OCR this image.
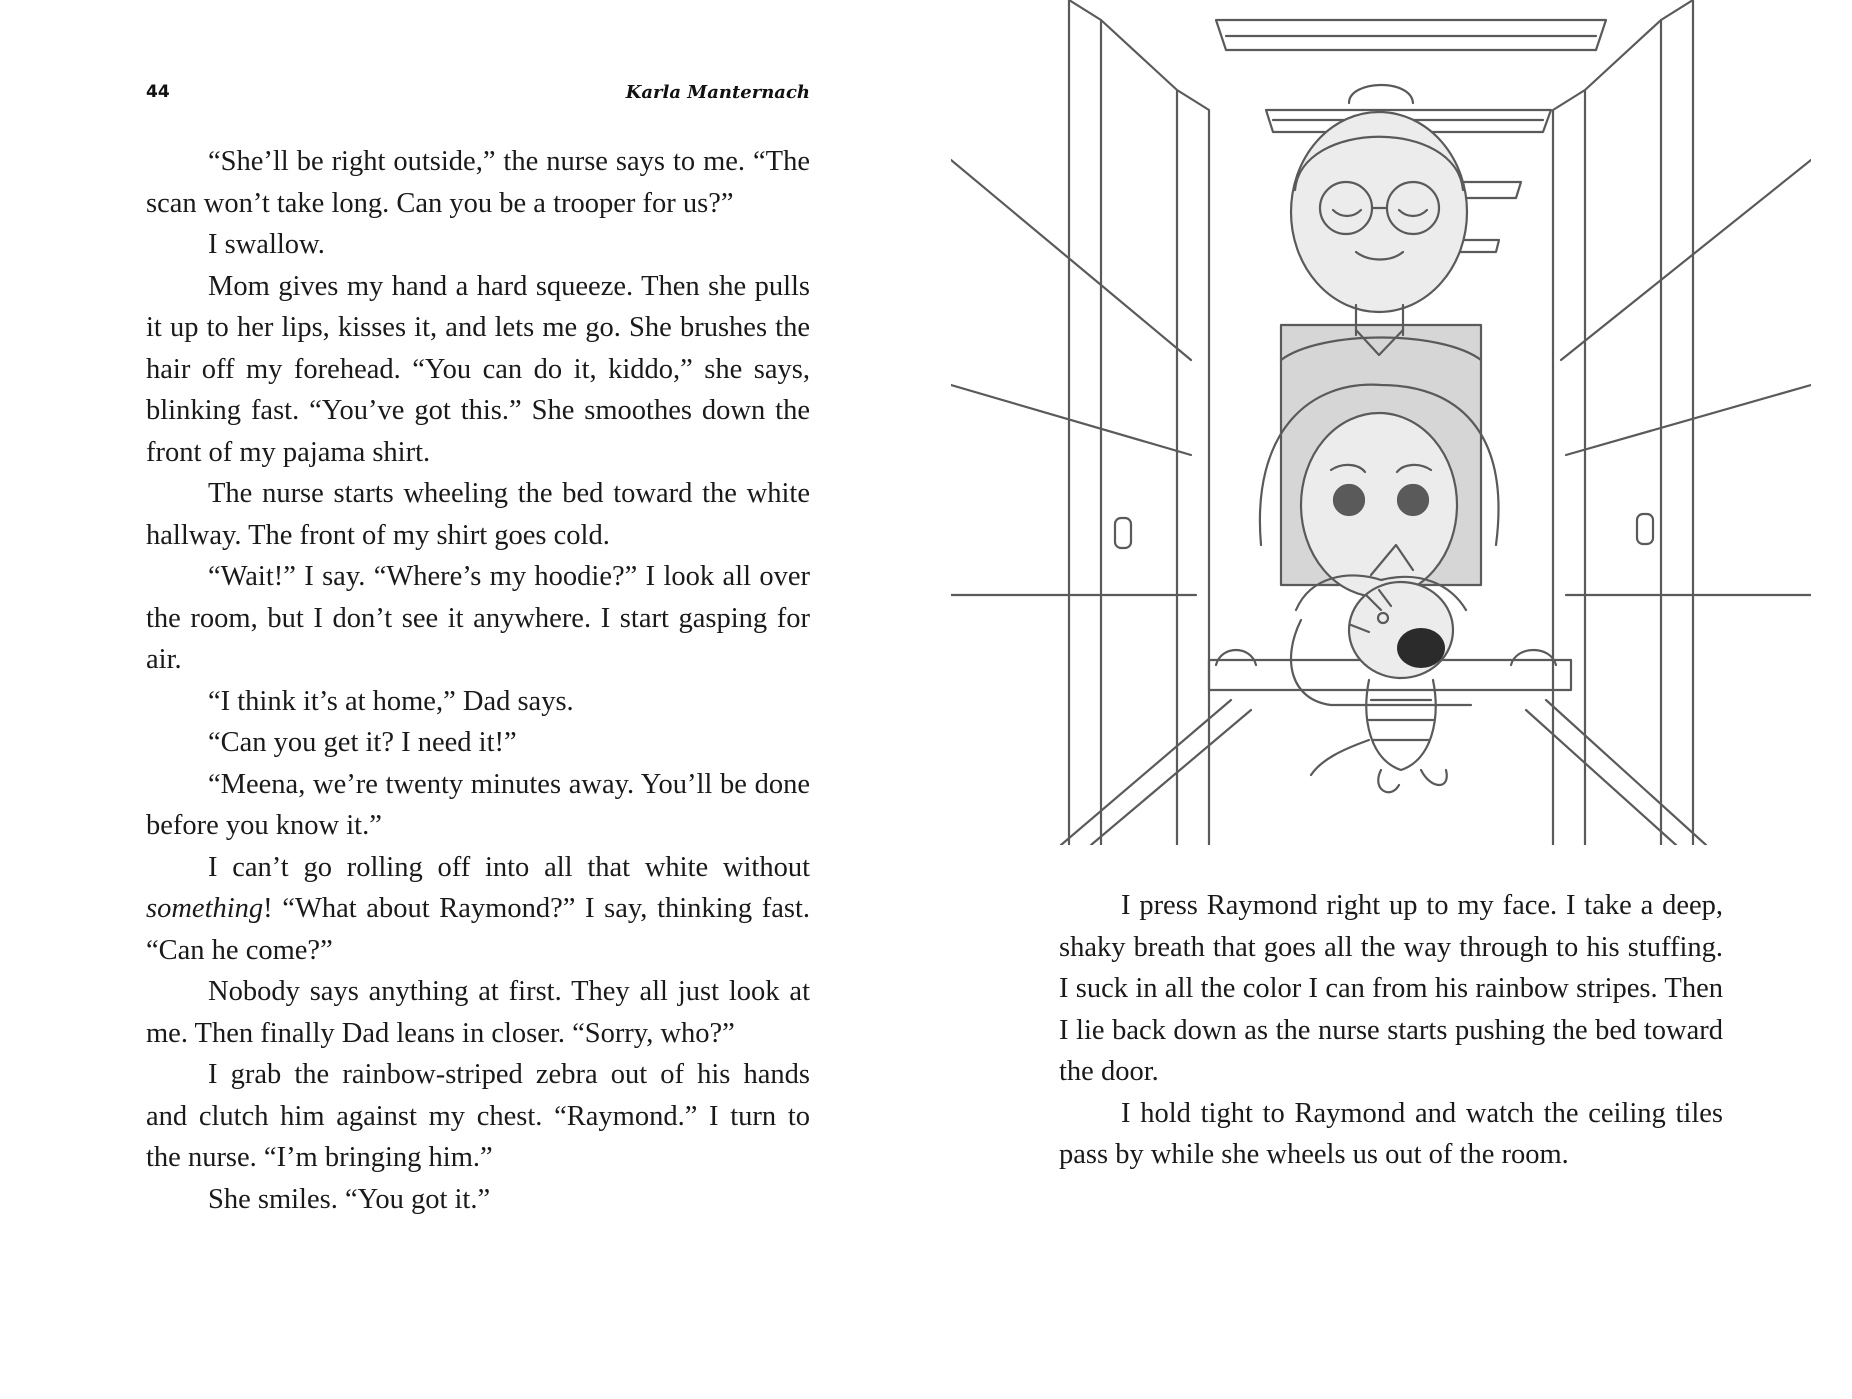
44	Karla Manternach

“She’ll be right outside,” the nurse says to me. “The scan won’t take long. Can you be a trooper for us?”

I swallow.

Mom gives my hand a hard squeeze. Then she pulls it up to her lips, kisses it, and lets me go. She brushes the hair off my forehead. “You can do it, kiddo,” she says, blinking fast. “You’ve got this.” She smoothes down the front of my pajama shirt.

The nurse starts wheeling the bed toward the white hallway. The front of my shirt goes cold.

“Wait!” I say. “Where’s my hoodie?” I look all over the room, but I don’t see it anywhere. I start gasping for air.

“I think it’s at home,” Dad says.

“Can you get it? I need it!”

“Meena, we’re twenty minutes away. You’ll be done before you know it.”

I can’t go rolling off into all that white without something! “What about Raymond?” I say, thinking fast. “Can he come?”

Nobody says anything at first. They all just look at me. Then finally Dad leans in closer. “Sorry, who?”

I grab the rainbow-striped zebra out of his hands and clutch him against my chest. “Raymond.” I turn to the nurse. “I’m bringing him.”

She smiles. “You got it.”

I press Raymond right up to my face. I take a deep, shaky breath that goes all the way through to his stuffing. I suck in all the color I can from his rainbow stripes. Then I lie back down as the nurse starts pushing the bed toward the door.

I hold tight to Raymond and watch the ceiling tiles pass by while she wheels us out of the room.
